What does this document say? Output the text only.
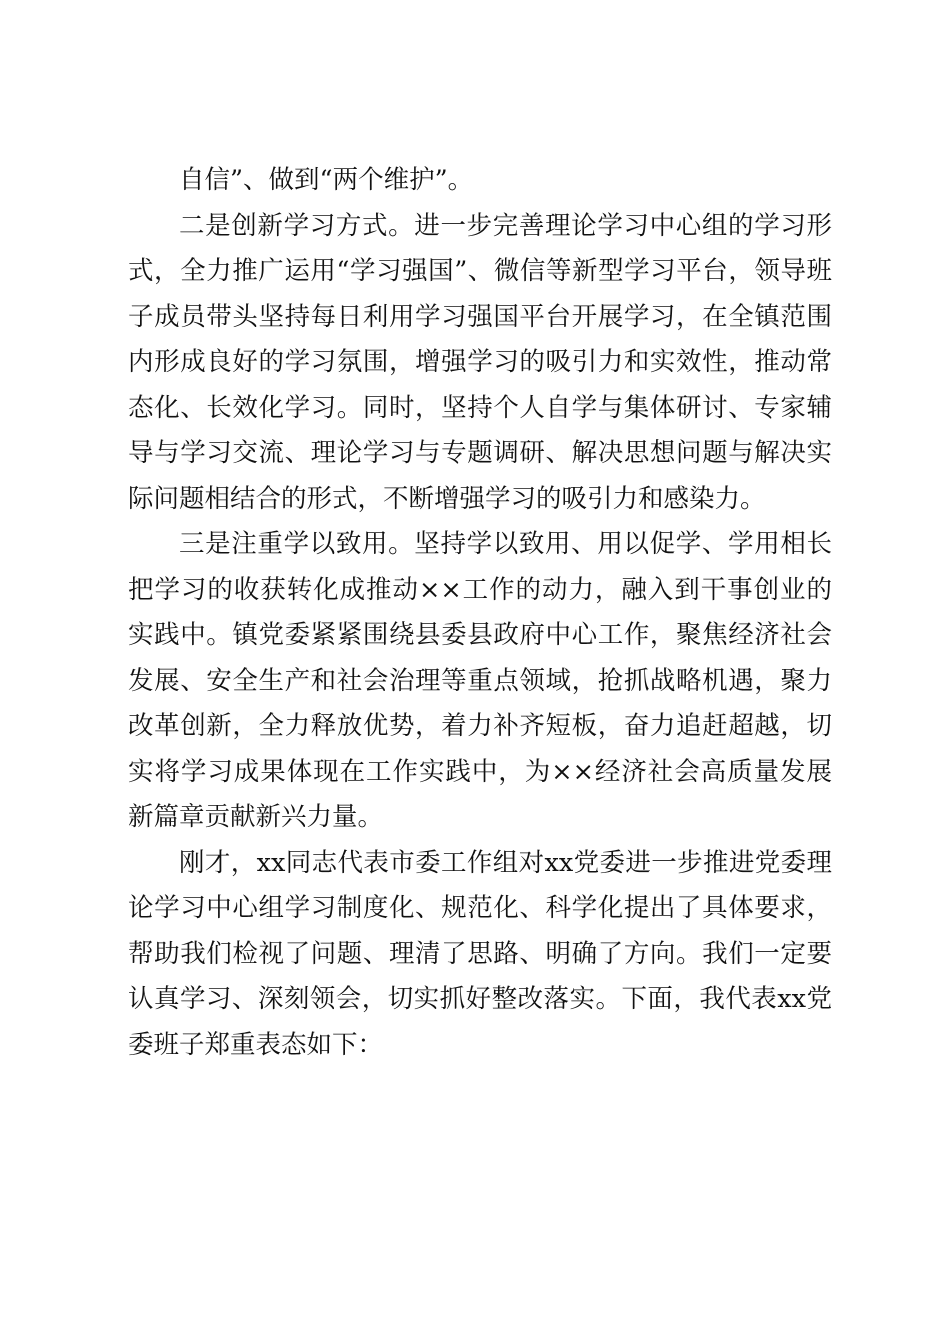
自信”、做到“两个维护”。

二是创新学习方式。进一步完善理论学习中心组的学习形式，全力推广运用“学习强国”、微信等新型学习平台，领导班子成员带头坚持每日利用学习强国平台开展学习，在全镇范围内形成良好的学习氛围，增强学习的吸引力和实效性，推动常态化、长效化学习。同时，坚持个人自学与集体研讨、专家辅导与学习交流、理论学习与专题调研、解决思想问题与解决实际问题相结合的形式，不断增强学习的吸引力和感染力。

三是注重学以致用。坚持学以致用、用以促学、学用相长把学习的收获转化成推动××工作的动力，融入到干事创业的实践中。镇党委紧紧围绕县委县政府中心工作，聚焦经济社会发展、安全生产和社会治理等重点领域，抢抓战略机遇，聚力改革创新，全力释放优势，着力补齐短板，奋力追赶超越，切实将学习成果体现在工作实践中，为××经济社会高质量发展新篇章贡献新兴力量。

刚才，xx同志代表市委工作组对xx党委进一步推进党委理论学习中心组学习制度化、规范化、科学化提出了具体要求，帮助我们检视了问题、理清了思路、明确了方向。我们一定要认真学习、深刻领会，切实抓好整改落实。下面，我代表xx党委班子郑重表态如下：
